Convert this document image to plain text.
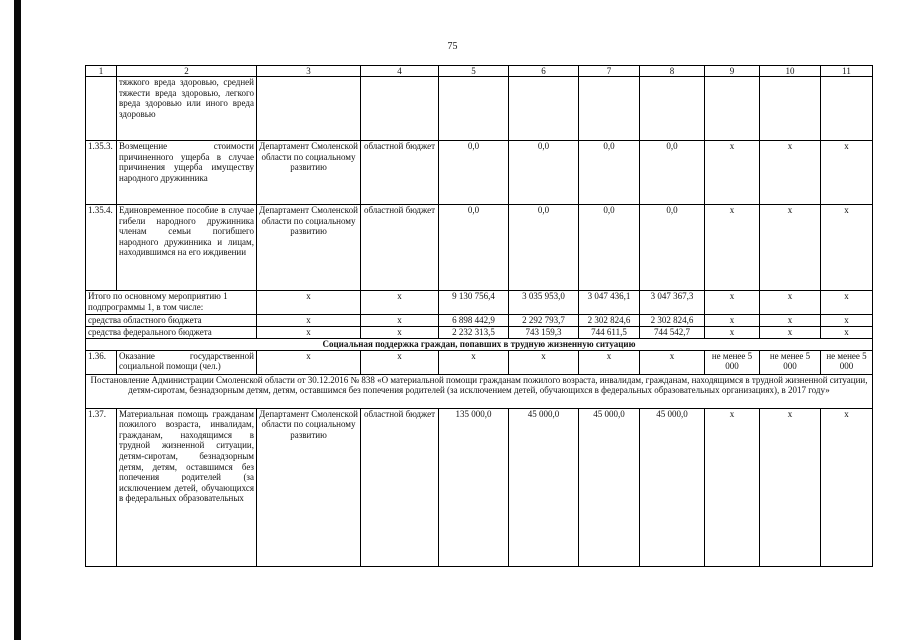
75
1	2	3	4	5	6	7	8	9	10	11
	тяжкого вреда здоровью, средней тяжести вреда здоровью, легкого вреда здоровью или иного вреда здоровью									
1.35.3.	Возмещение стоимости причиненного ущерба в случае причинения ущерба имуществу народного дружинника	Департамент Смоленской области по социальному развитию	областной бюджет	0,0	0,0	0,0	0,0	х	х	х
1.35.4.	Единовременное пособие в случае гибели народного дружинника членам семьи погибшего народного дружинника и лицам, находившимся на его иждивении	Департамент Смоленской области по социальному развитию	областной бюджет	0,0	0,0	0,0	0,0	х	х	х
Итого по основному мероприятию 1 подпрограммы 1, в том числе:		х	х	9 130 756,4	3 035 953,0	3 047 436,1	3 047 367,3	х	х	х
средства областного бюджета		х	х	6 898 442,9	2 292 793,7	2 302 824,6	2 302 824,6	х	х	х
средства федерального бюджета		х	х	2 232 313,5	743 159,3	744 611,5	744 542,7	х	х	х
Социальная поддержка граждан, попавших в трудную жизненную ситуацию										
1.36.	Оказание государственной социальной помощи (чел.)	х	х	х	х	х	х	не менее 5 000	не менее 5 000	не менее 5 000
Постановление Администрации Смоленской области от 30.12.2016 № 838 «О материальной помощи гражданам пожилого возраста, инвалидам, гражданам, находящимся в трудной жизненной ситуации, детям-сиротам, безнадзорным детям, детям, оставшимся без попечения родителей (за исключением детей, обучающихся в федеральных образовательных организациях), в 2017 году»										
1.37.	Материальная помощь гражданам пожилого возраста, инвалидам, гражданам, находящимся в трудной жизненной ситуации, детям-сиротам, безнадзорным детям, детям, оставшимся без попечения родителей (за исключением детей, обучающихся в федеральных образовательных	Департамент Смоленской области по социальному развитию	областной бюджет	135 000,0	45 000,0	45 000,0	45 000,0	х	х	х
